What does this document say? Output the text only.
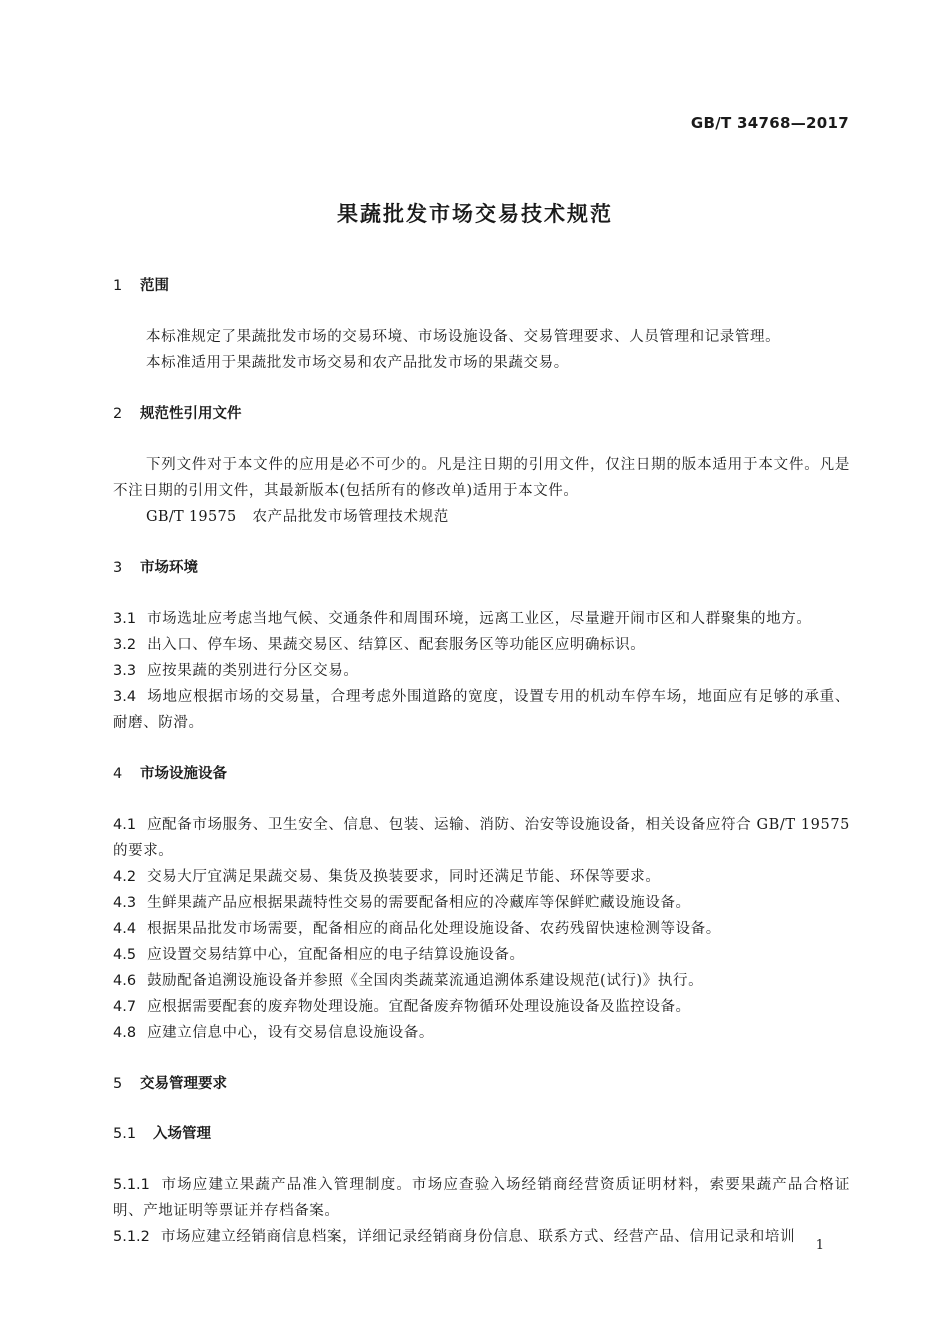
GB/T 34768—2017
果蔬批发市场交易技术规范
1 范围
本标准规定了果蔬批发市场的交易环境、市场设施设备、交易管理要求、人员管理和记录管理。
本标准适用于果蔬批发市场交易和农产品批发市场的果蔬交易。
2 规范性引用文件
下列文件对于本文件的应用是必不可少的。凡是注日期的引用文件，仅注日期的版本适用于本文件。凡是不注日期的引用文件，其最新版本(包括所有的修改单)适用于本文件。
GB/T 19575 农产品批发市场管理技术规范
3 市场环境
3.1 市场选址应考虑当地气候、交通条件和周围环境，远离工业区，尽量避开闹市区和人群聚集的地方。
3.2 出入口、停车场、果蔬交易区、结算区、配套服务区等功能区应明确标识。
3.3 应按果蔬的类别进行分区交易。
3.4 场地应根据市场的交易量，合理考虑外围道路的宽度，设置专用的机动车停车场，地面应有足够的承重、耐磨、防滑。
4 市场设施设备
4.1 应配备市场服务、卫生安全、信息、包装、运输、消防、治安等设施设备，相关设备应符合 GB/T 19575 的要求。
4.2 交易大厅宜满足果蔬交易、集货及换装要求，同时还满足节能、环保等要求。
4.3 生鲜果蔬产品应根据果蔬特性交易的需要配备相应的冷藏库等保鲜贮藏设施设备。
4.4 根据果品批发市场需要，配备相应的商品化处理设施设备、农药残留快速检测等设备。
4.5 应设置交易结算中心，宜配备相应的电子结算设施设备。
4.6 鼓励配备追溯设施设备并参照《全国肉类蔬菜流通追溯体系建设规范(试行)》执行。
4.7 应根据需要配套的废弃物处理设施。宜配备废弃物循环处理设施设备及监控设备。
4.8 应建立信息中心，设有交易信息设施设备。
5 交易管理要求
5.1 入场管理
5.1.1 市场应建立果蔬产品准入管理制度。市场应查验入场经销商经营资质证明材料，索要果蔬产品合格证明、产地证明等票证并存档备案。
5.1.2 市场应建立经销商信息档案，详细记录经销商身份信息、联系方式、经营产品、信用记录和培训
1
